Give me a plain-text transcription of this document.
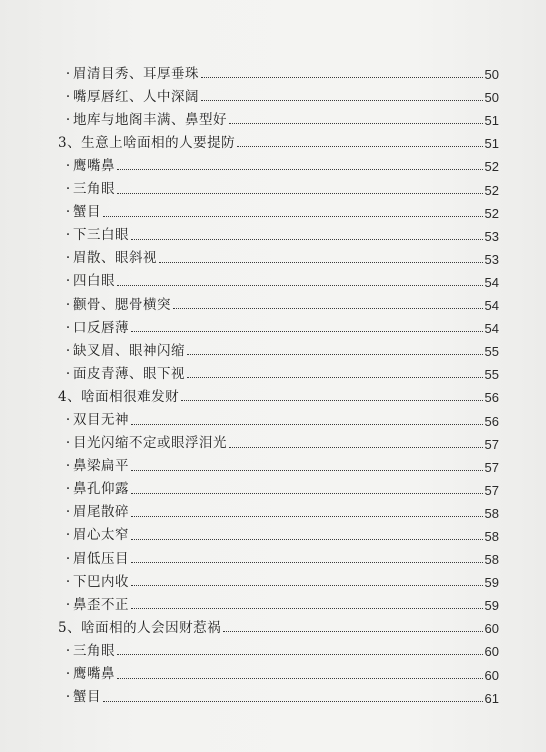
· 眉清目秀、耳厚垂珠	50
· 嘴厚唇红、人中深阔	50
· 地库与地阁丰满、鼻型好	51
3、生意上啥面相的人要提防	51
· 鹰嘴鼻	52
· 三角眼	52
· 蟹目	52
· 下三白眼	53
· 眉散、眼斜视	53
· 四白眼	54
· 颧骨、腮骨横突	54
· 口反唇薄	54
· 缺叉眉、眼神闪缩	55
· 面皮青薄、眼下视	55
4、啥面相很难发财	56
· 双目无神	56
· 目光闪缩不定或眼浮泪光	57
· 鼻梁扁平	57
· 鼻孔仰露	57
· 眉尾散碎	58
· 眉心太窄	58
· 眉低压目	58
· 下巴内收	59
· 鼻歪不正	59
5、啥面相的人会因财惹祸	60
· 三角眼	60
· 鹰嘴鼻	60
· 蟹目	61
